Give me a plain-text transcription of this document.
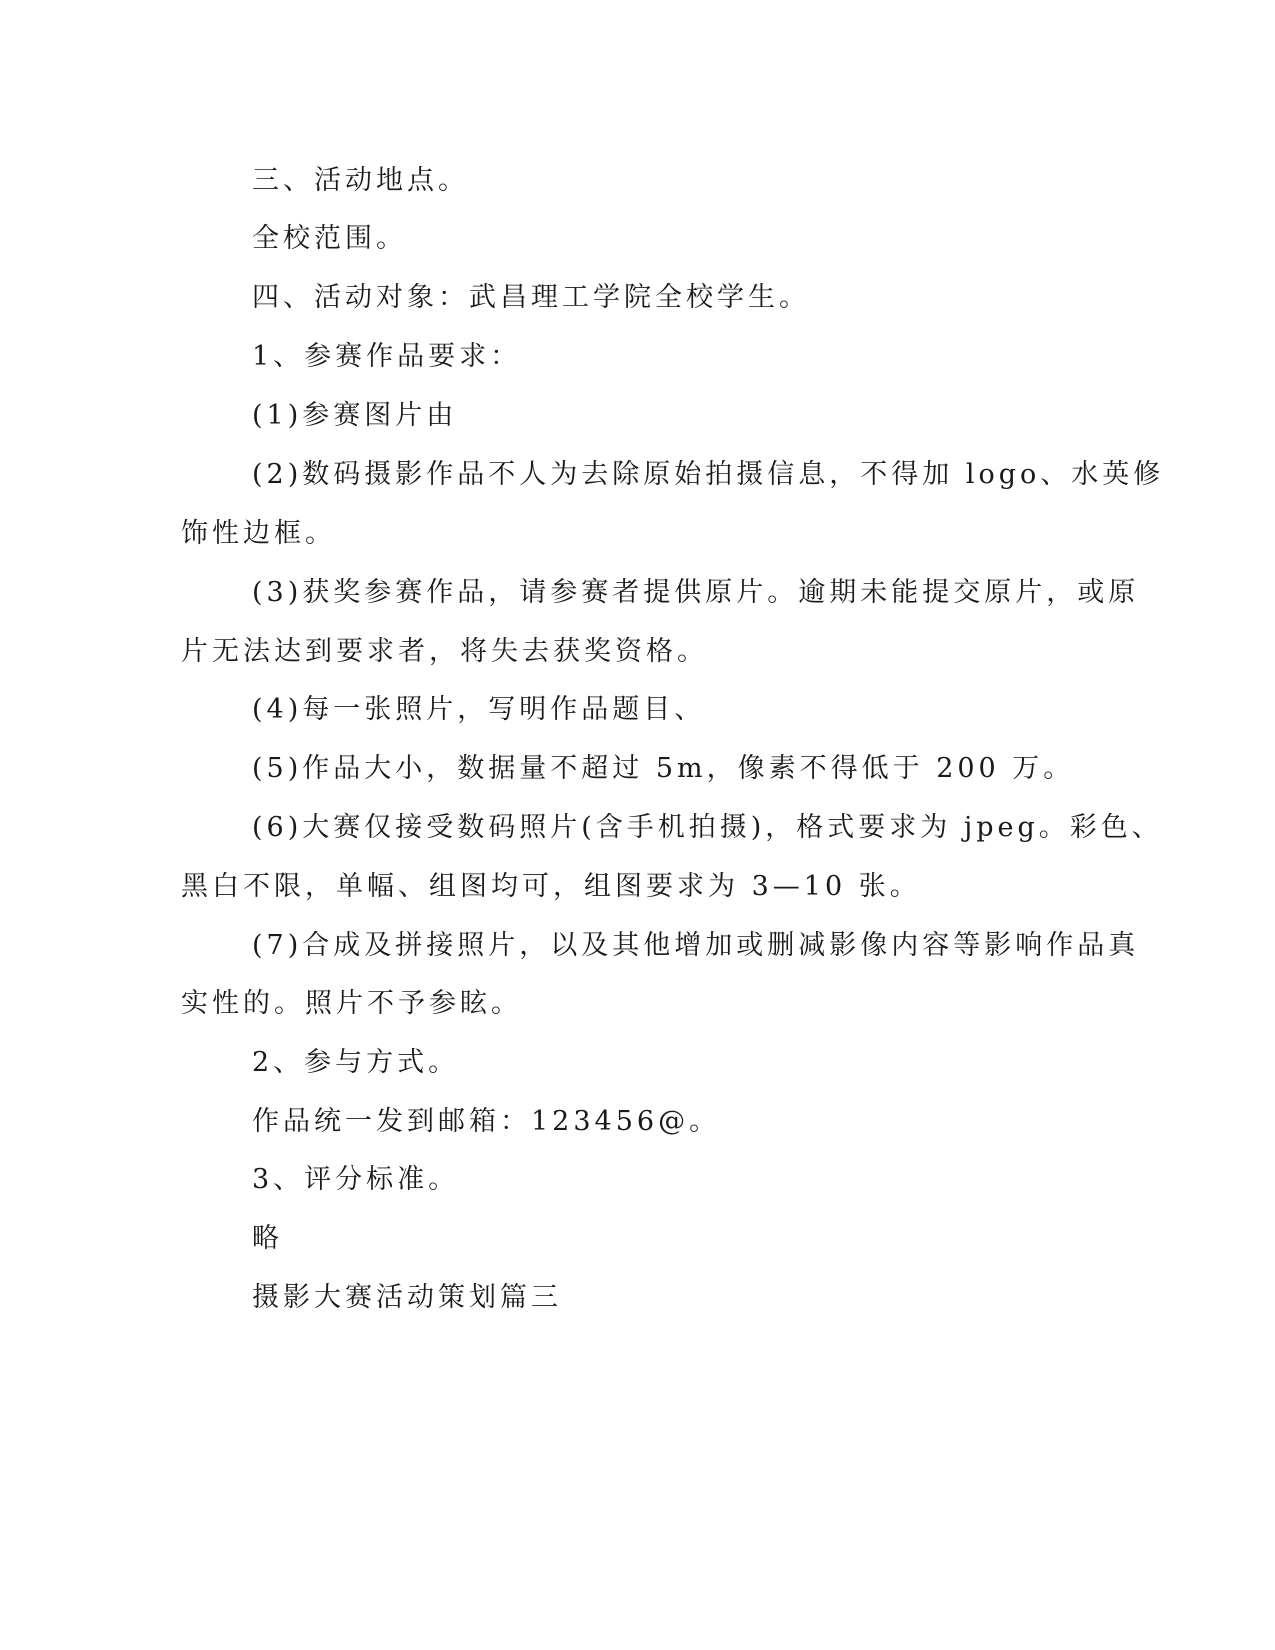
三、活动地点。

全校范围。

四、活动对象：武昌理工学院全校学生。

1、参赛作品要求：

(1)参赛图片由

(2)数码摄影作品不人为去除原始拍摄信息，不得加 logo、水英修

饰性边框。

(3)获奖参赛作品，请参赛者提供原片。逾期未能提交原片，或原

片无法达到要求者，将失去获奖资格。

(4)每一张照片，写明作品题目、

(5)作品大小，数据量不超过 5m，像素不得低于 200 万。

(6)大赛仅接受数码照片(含手机拍摄)，格式要求为 jpeg。彩色、

黑白不限，单幅、组图均可，组图要求为 3—10 张。

(7)合成及拼接照片，以及其他增加或删减影像内容等影响作品真

实性的。照片不予参眩。

2、参与方式。

作品统一发到邮箱：123456@。

3、评分标准。

略

摄影大赛活动策划篇三
